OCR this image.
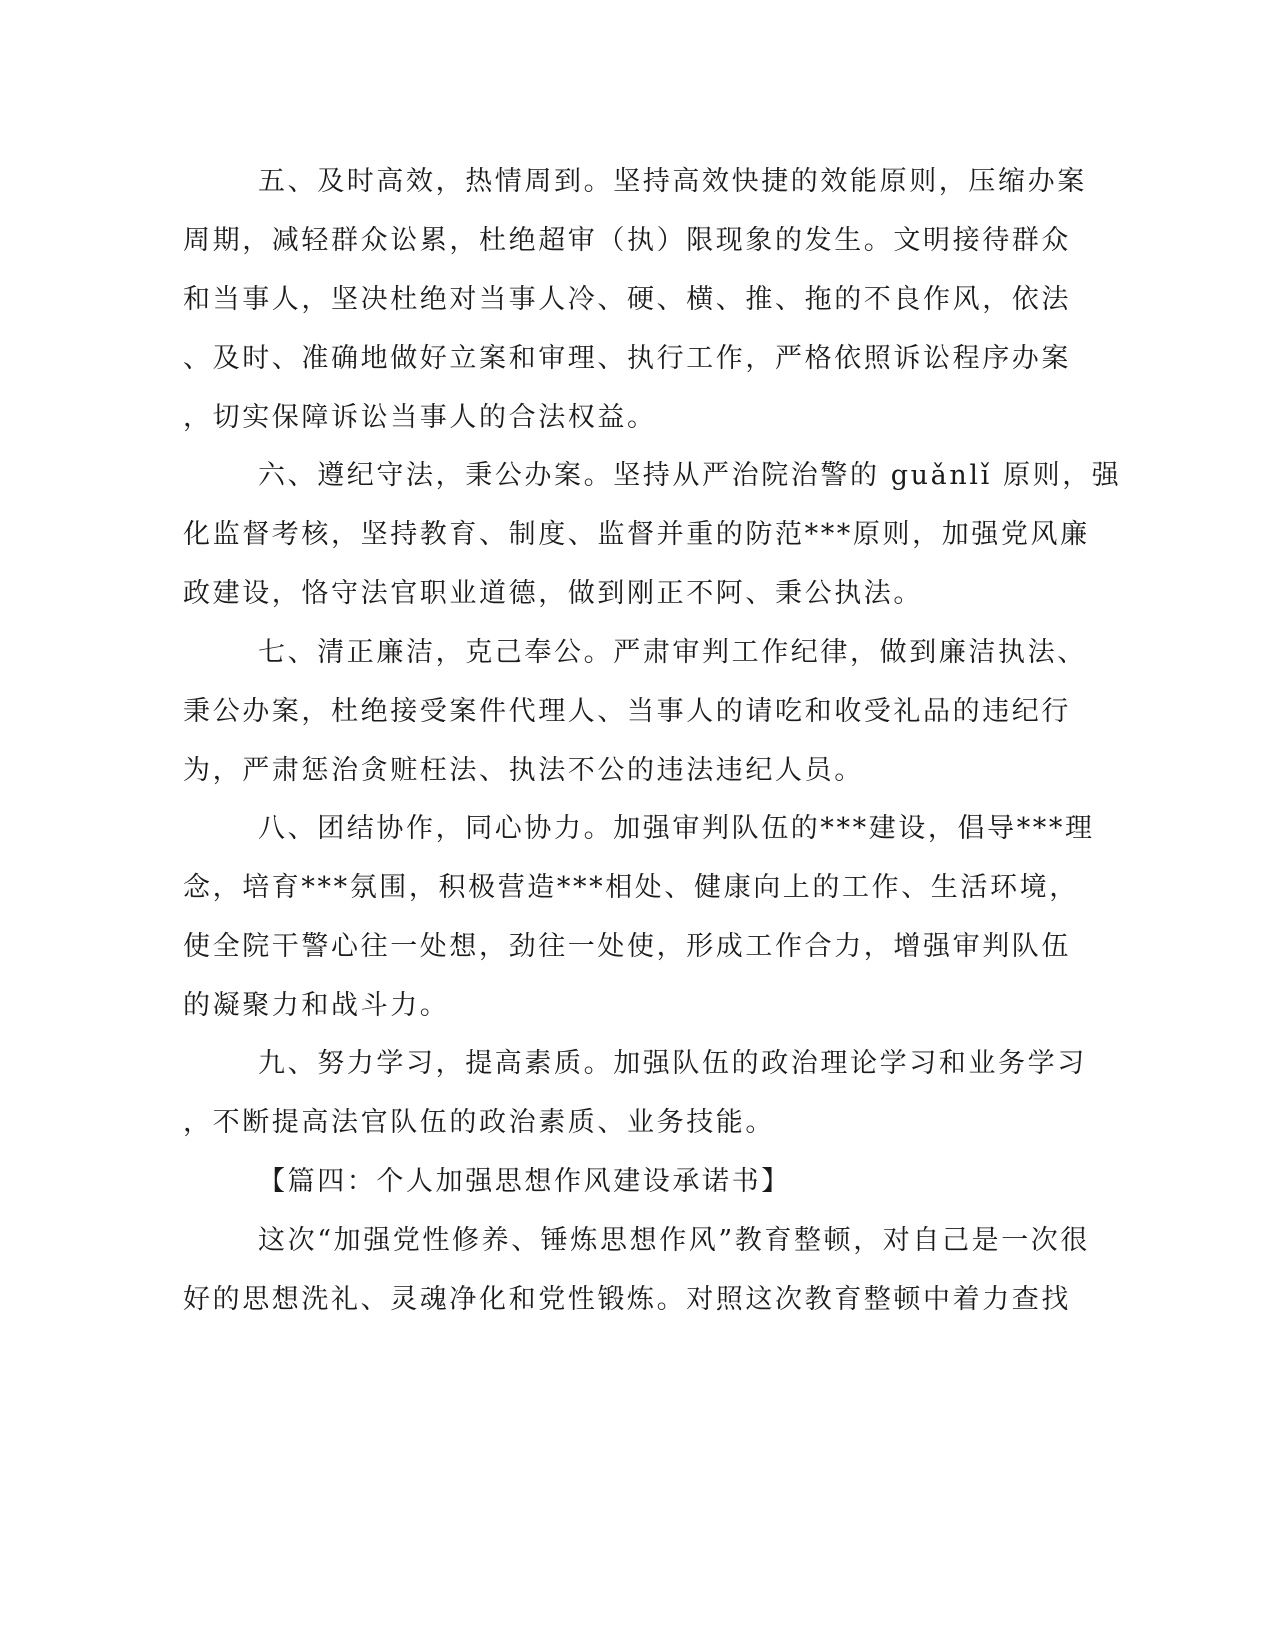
五、及时高效，热情周到。坚持高效快捷的效能原则，压缩办案
周期，减轻群众讼累，杜绝超审（执）限现象的发生。文明接待群众
和当事人，坚决杜绝对当事人冷、硬、横、推、拖的不良作风，依法
、及时、准确地做好立案和审理、执行工作，严格依照诉讼程序办案
，切实保障诉讼当事人的合法权益。
六、遵纪守法，秉公办案。坚持从严治院治警的 guǎnlǐ 原则，强
化监督考核，坚持教育、制度、监督并重的防范***原则，加强党风廉
政建设，恪守法官职业道德，做到刚正不阿、秉公执法。
七、清正廉洁，克己奉公。严肃审判工作纪律，做到廉洁执法、
秉公办案，杜绝接受案件代理人、当事人的请吃和收受礼品的违纪行
为，严肃惩治贪赃枉法、执法不公的违法违纪人员。
八、团结协作，同心协力。加强审判队伍的***建设，倡导***理
念，培育***氛围，积极营造***相处、健康向上的工作、生活环境，
使全院干警心往一处想，劲往一处使，形成工作合力，增强审判队伍
的凝聚力和战斗力。
九、努力学习，提高素质。加强队伍的政治理论学习和业务学习
，不断提高法官队伍的政治素质、业务技能。
【篇四：个人加强思想作风建设承诺书】
这次“加强党性修养、锤炼思想作风”教育整顿，对自己是一次很
好的思想洗礼、灵魂净化和党性锻炼。对照这次教育整顿中着力查找
